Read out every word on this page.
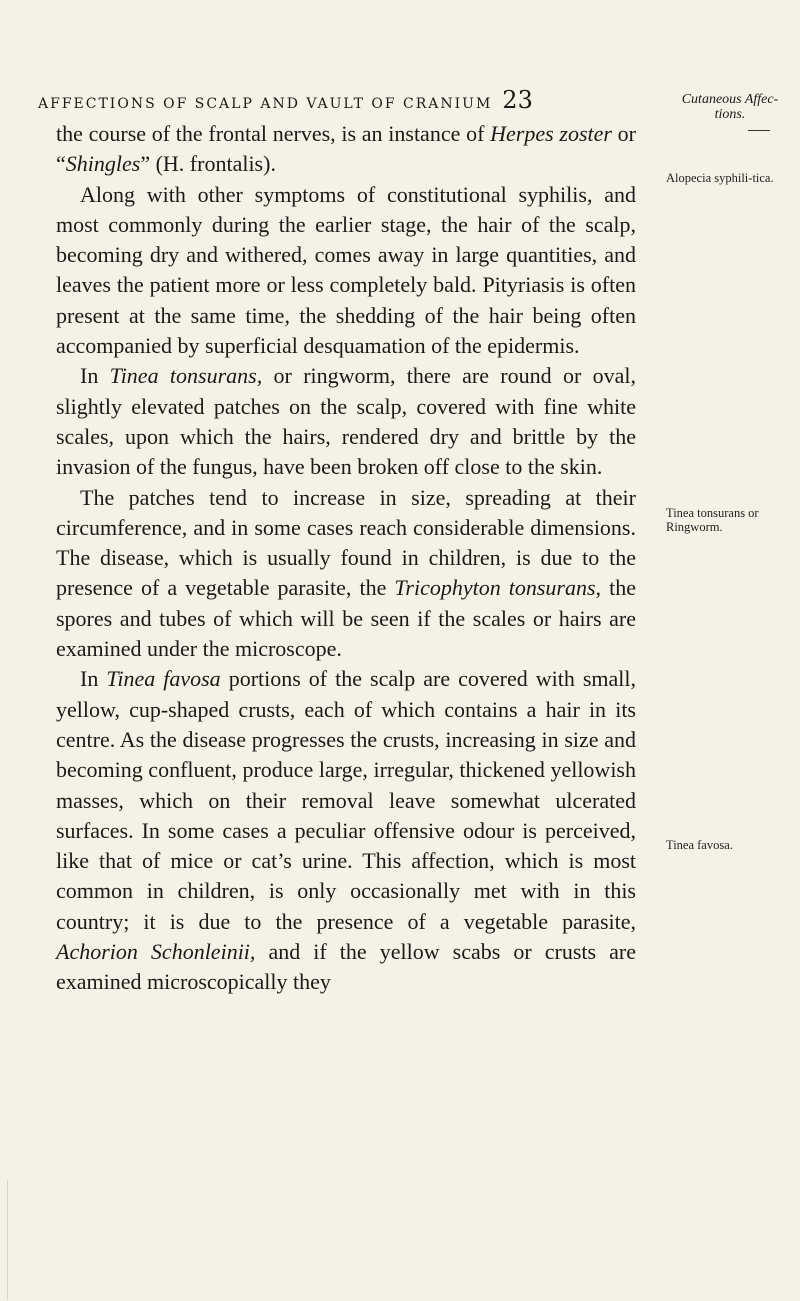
AFFECTIONS OF SCALP AND VAULT OF CRANIUM 23	Cutaneous Affec-tions.
Alopecia syphili-tica.
Tinea tonsurans or Ringworm.
Tinea favosa.

the course of the frontal nerves, is an instance of Herpes zoster or “Shingles” (H. frontalis).

Along with other symptoms of constitutional syphilis, and most commonly during the earlier stage, the hair of the scalp, becoming dry and withered, comes away in large quantities, and leaves the patient more or less completely bald. Pityriasis is often present at the same time, the shedding of the hair being often accompanied by superficial desquamation of the epidermis.

In Tinea tonsurans, or ringworm, there are round or oval, slightly elevated patches on the scalp, covered with fine white scales, upon which the hairs, rendered dry and brittle by the invasion of the fungus, have been broken off close to the skin.

The patches tend to increase in size, spreading at their circumference, and in some cases reach considerable dimensions. The disease, which is usually found in children, is due to the presence of a vegetable parasite, the Tricophyton tonsurans, the spores and tubes of which will be seen if the scales or hairs are examined under the microscope.

In Tinea favosa portions of the scalp are covered with small, yellow, cup-shaped crusts, each of which contains a hair in its centre. As the disease progresses the crusts, increasing in size and becoming confluent, produce large, irregular, thickened yellowish masses, which on their removal leave somewhat ulcerated surfaces. In some cases a peculiar offensive odour is perceived, like that of mice or cat’s urine. This affection, which is most common in children, is only occasionally met with in this country; it is due to the presence of a vegetable parasite, Achorion Schonleinii, and if the yellow scabs or crusts are examined microscopically they
